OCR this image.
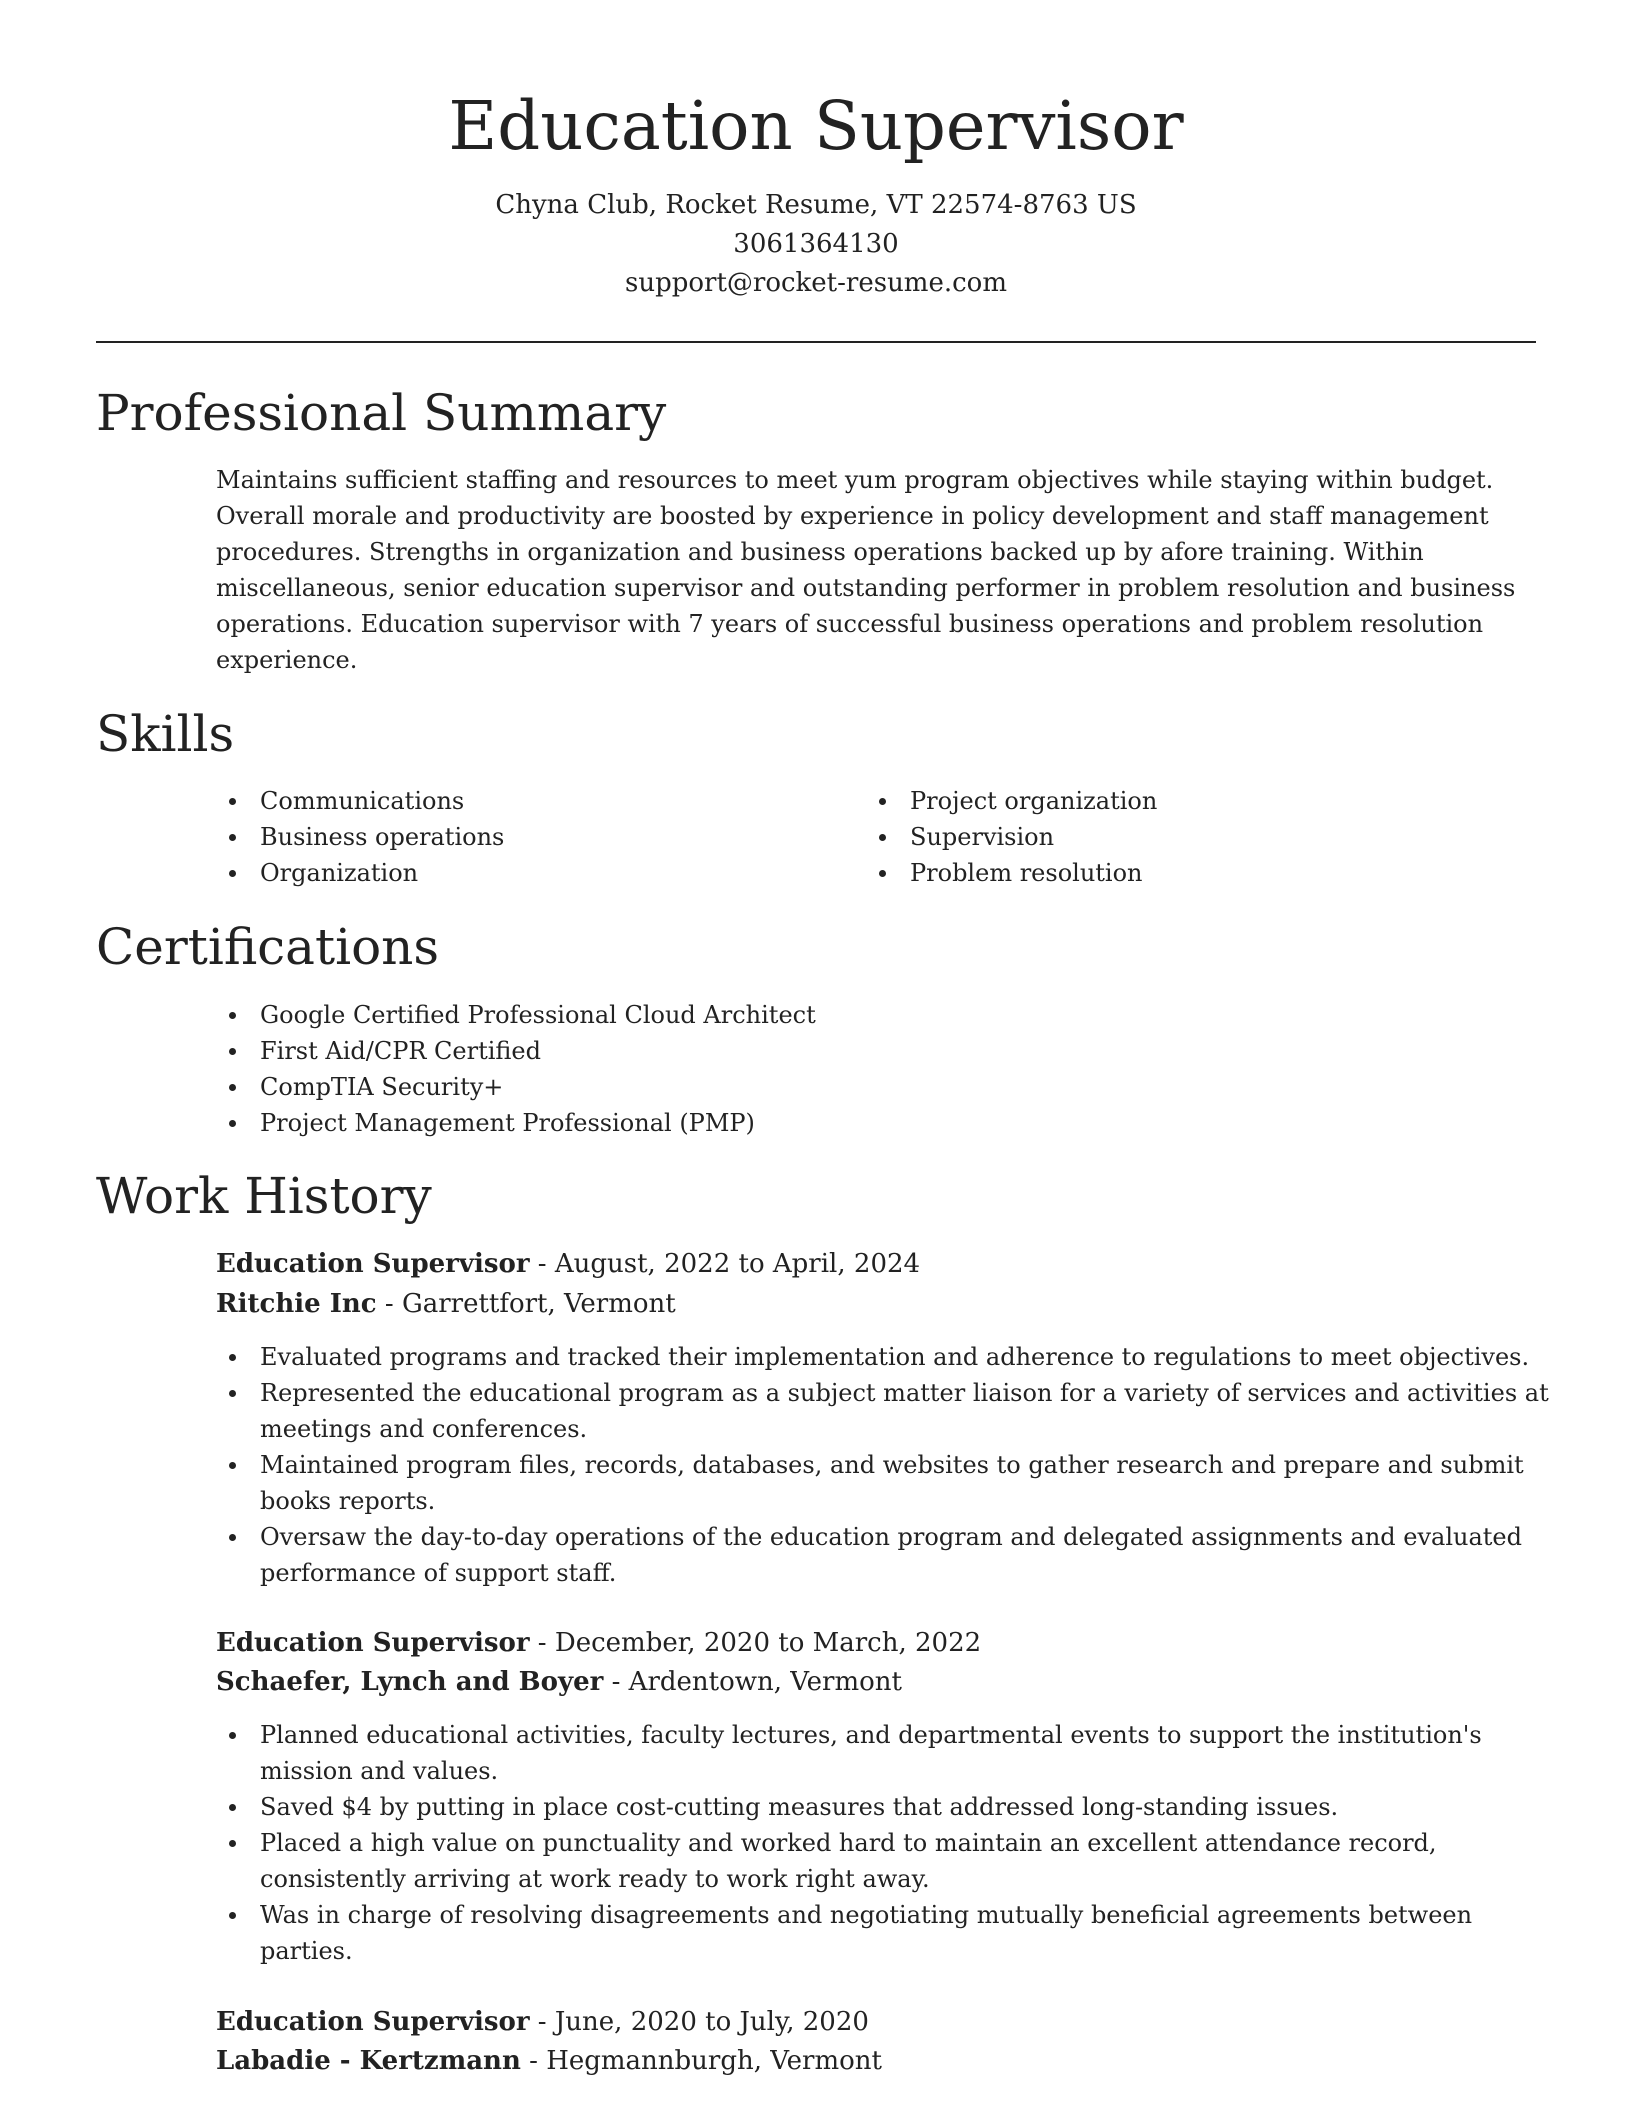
Education Supervisor
Chyna Club, Rocket Resume, VT 22574-8763 US
3061364130
support@rocket-resume.com
Professional Summary

Maintains sufficient staffing and resources to meet yum program objectives while staying within budget. Overall morale and productivity are boosted by experience in policy development and staff management procedures. Strengths in organization and business operations backed up by afore training. Within miscellaneous, senior education supervisor and outstanding performer in problem resolution and business operations. Education supervisor with 7 years of successful business operations and problem resolution experience.

Skills
Communications
Business operations
Organization
Project organization
Supervision
Problem resolution
Certifications
Google Certified Professional Cloud Architect
First Aid/CPR Certified
CompTIA Security+
Project Management Professional (PMP)
Work History
Education Supervisor - August, 2022 to April, 2024
Ritchie Inc - Garrettfort, Vermont
Evaluated programs and tracked their implementation and adherence to regulations to meet objectives.
Represented the educational program as a subject matter liaison for a variety of services and activities at meetings and conferences.
Maintained program files, records, databases, and websites to gather research and prepare and submit books reports.
Oversaw the day-to-day operations of the education program and delegated assignments and evaluated performance of support staff.
Education Supervisor - December, 2020 to March, 2022
Schaefer, Lynch and Boyer - Ardentown, Vermont
Planned educational activities, faculty lectures, and departmental events to support the institution's mission and values.
Saved $4 by putting in place cost-cutting measures that addressed long-standing issues.
Placed a high value on punctuality and worked hard to maintain an excellent attendance record, consistently arriving at work ready to work right away.
Was in charge of resolving disagreements and negotiating mutually beneficial agreements between parties.
Education Supervisor - June, 2020 to July, 2020
Labadie - Kertzmann - Hegmannburgh, Vermont
